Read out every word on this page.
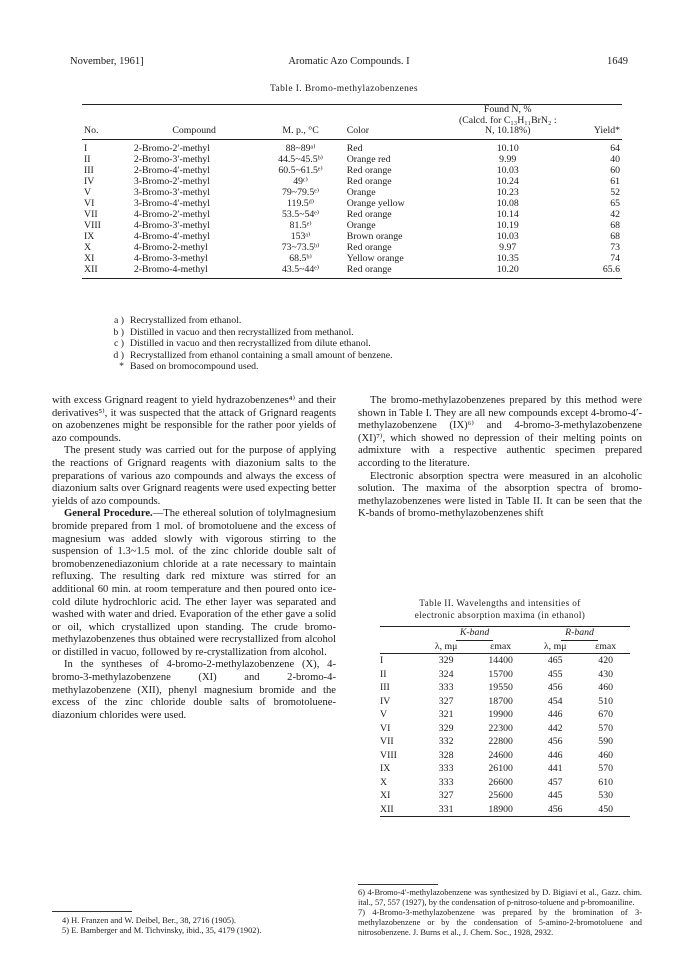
November, 1961]	Aromatic Azo Compounds. I	1649
Table I. Bromo-methylazobenzenes
No.	Compound	M. p., °C	Color	Found N, %
(Calcd. for C₁₃H₁₁BrN₂ :
N, 10.18%)	Yield*
I	2-Bromo-2′-methyl	88~89ᵃ⁾	Red	10.10	64
II	2-Bromo-3′-methyl	44.5~45.5ᵇ⁾	Orange red	9.99	40
III	2-Bromo-4′-methyl	60.5~61.5ᵉ⁾	Red orange	10.03	60
IV	3-Bromo-2′-methyl	49ᶜ⁾	Red orange	10.24	61
V	3-Bromo-3′-methyl	79~79.5ᵉ⁾	Orange	10.23	52
VI	3-Bromo-4′-methyl	119.5ᵈ⁾	Orange yellow	10.08	65
VII	4-Bromo-2′-methyl	53.5~54ᵉ⁾	Red orange	10.14	42
VIII	4-Bromo-3′-methyl	81.5ᵉ⁾	Orange	10.19	68
IX	4-Bromo-4′-methyl	153ᵃ⁾	Brown orange	10.03	68
X	4-Bromo-2-methyl	73~73.5ᵇ⁾	Red orange	9.97	73
XI	4-Bromo-3-methyl	68.5ᵇ⁾	Yellow orange	10.35	74
XII	2-Bromo-4-methyl	43.5~44ᵉ⁾	Red orange	10.20	65.6
a ) Recrystallized from ethanol.
b ) Distilled in vacuo and then recrystallized from methanol.
c ) Distilled in vacuo and then recrystallized from dilute ethanol.
d ) Recrystallized from ethanol containing a small amount of benzene.
* Based on bromocompound used.

with excess Grignard reagent to yield hydrazobenzenes⁴⁾ and their derivatives⁵⁾, it was suspected that the attack of Grignard reagents on azobenzenes might be responsible for the rather poor yields of azo compounds.

The present study was carried out for the purpose of applying the reactions of Grignard reagents with diazonium salts to the preparations of various azo compounds and always the excess of diazonium salts over Grignard reagents were used expecting better yields of azo compounds.

General Procedure.—The ethereal solution of tolylmagnesium bromide prepared from 1 mol. of bromotoluene and the excess of magnesium was added slowly with vigorous stirring to the suspension of 1.3~1.5 mol. of the zinc chloride double salt of bromobenzenediazonium chloride at a rate necessary to maintain refluxing. The resulting dark red mixture was stirred for an additional 60 min. at room temperature and then poured onto ice-cold dilute hydrochloric acid. The ether layer was separated and washed with water and dried. Evaporation of the ether gave a solid or oil, which crystallized upon standing. The crude bromo-methylazobenzenes thus obtained were recrystallized from alcohol or distilled in vacuo, followed by re-crystallization from alcohol.

In the syntheses of 4-bromo-2-methylazobenzene (X), 4-bromo-3-methylazobenzene (XI) and 2-bromo-4-methylazobenzene (XII), phenyl magnesium bromide and the excess of the zinc chloride double salts of bromotoluene-diazonium chlorides were used.

4) H. Franzen and W. Deibel, Ber., 38, 2716 (1905).
5) E. Bamberger and M. Tichvinsky, ibid., 35, 4179 (1902).

The bromo-methylazobenzenes prepared by this method were shown in Table I. They are all new compounds except 4-bromo-4′-methylazobenzene (IX)⁶⁾ and 4-bromo-3-methylazobenzene (XI)⁷⁾, which showed no depression of their melting points on admixture with a respective authentic specimen prepared according to the literature.

Electronic absorption spectra were measured in an alcoholic solution. The maxima of the absorption spectra of bromo-methylazobenzenes were listed in Table II. It can be seen that the K-bands of bromo-methylazobenzenes shift

Table II. Wavelengths and intensities of
electronic absorption maxima (in ethanol)
	K-band		R-band	
	λ, mμ	εmax	λ, mμ	εmax
I	329	14400	465	420
II	324	15700	455	430
III	333	19550	456	460
IV	327	18700	454	510
V	321	19900	446	670
VI	329	22300	442	570
VII	332	22800	456	590
VIII	328	24600	446	460
IX	333	26100	441	570
X	333	26600	457	610
XI	327	25600	445	530
XII	331	18900	456	450
6) 4-Bromo-4′-methylazobenzene was synthesized by D. Bigiavi et al., Gazz. chim. ital., 57, 557 (1927), by the condensation of p-nitroso-toluene and p-bromoaniline.
7) 4-Bromo-3-methylazobenzene was prepared by the bromination of 3-methylazobenzene or by the condensation of 5-amino-2-bromotoluene and nitrosobenzene. J. Burns et al., J. Chem. Soc., 1928, 2932.
